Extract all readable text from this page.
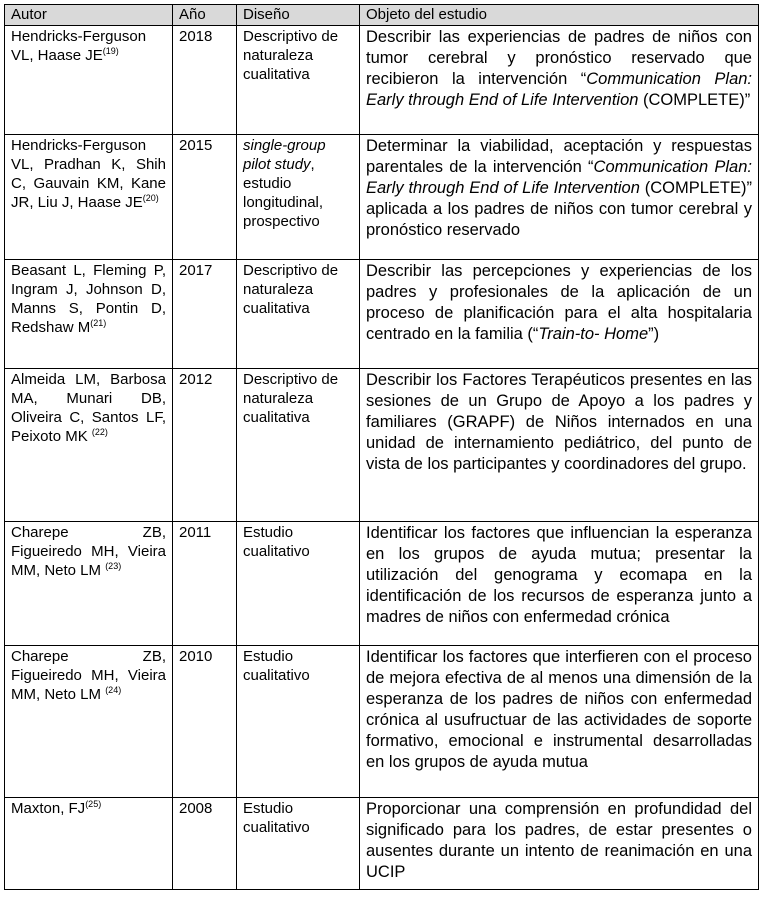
Autor	Año	Diseño	Objeto del estudio
Hendricks-Ferguson VL, Haase JE$^{(19)}$	2018	Descriptivo de naturaleza cualitativa	Describir las experiencias de padres de niños con tumor cerebral y pronóstico reservado que recibieron la intervención “Communication Plan: Early through End of Life Intervention (COMPLETE)”
Hendricks-Ferguson VL, Pradhan K, Shih C, Gauvain KM, Kane JR, Liu J, Haase JE$^{(20)}$	2015	single-group pilot study, estudio longitudinal, prospectivo	Determinar la viabilidad, aceptación y respuestas parentales de la intervención “Communication Plan: Early through End of Life Intervention (COMPLETE)” aplicada a los padres de niños con tumor cerebral y pronóstico reservado
Beasant L, Fleming P, Ingram J, Johnson D, Manns S, Pontin D, Redshaw $M^{(21)}$	2017	Descriptivo de naturaleza cualitativa	Describir las percepciones y experiencias de los padres y profesionales de la aplicación de un proceso de planificación para el alta hospitalaria centrado en la familia (“Train-to- Home”)
Almeida LM, Barbosa MA, Munari DB, Oliveira C, Santos LF, Peixoto MK $^{(22)}$	2012	Descriptivo de naturaleza cualitativa	Describir los Factores Terapéuticos presentes en las sesiones de un Grupo de Apoyo a los padres y familiares (GRAPF) de Niños internados en una unidad de internamiento pediátrico, del punto de vista de los participantes y coordinadores del grupo.
Charepe ZB, Figueiredo MH, Vieira MM, Neto LM $^{(23)}$	2011	Estudio cualitativo	Identificar los factores que influencian la esperanza en los grupos de ayuda mutua; presentar la utilización del genograma y ecomapa en la identificación de los recursos de esperanza junto a madres de niños con enfermedad crónica
Charepe ZB, Figueiredo MH, Vieira MM, Neto LM $^{(24)}$	2010	Estudio cualitativo	Identificar los factores que interfieren con el proceso de mejora efectiva de al menos una dimensión de la esperanza de los padres de niños con enfermedad crónica al usufructuar de las actividades de soporte formativo, emocional e instrumental desarrolladas en los grupos de ayuda mutua
Maxton, FJ$^{(25)}$	2008	Estudio cualitativo	Proporcionar una comprensión en profundidad del significado para los padres, de estar presentes o ausentes durante un intento de reanimación en una UCIP
